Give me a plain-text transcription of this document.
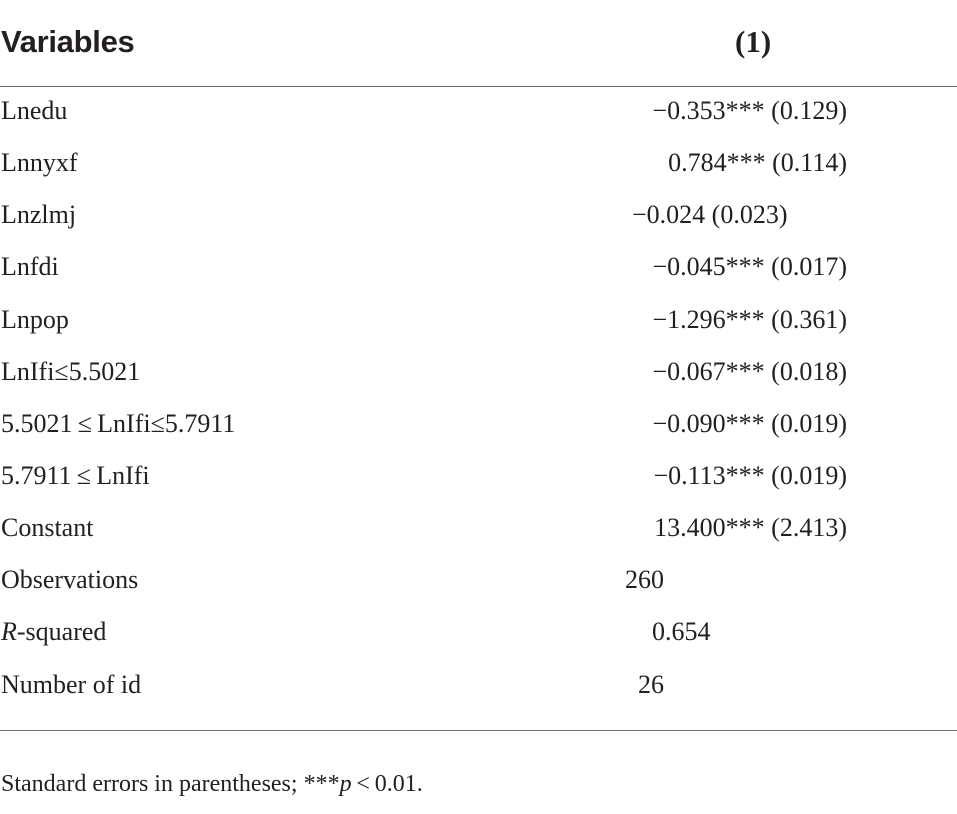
Variables	(1)
Lnedu	−0.353*** (0.129)
Lnnyxf	0.784*** (0.114)
Lnzlmj	−0.024 (0.023)
Lnfdi	−0.045*** (0.017)
Lnpop	−1.296*** (0.361)
LnIfi≤5.5021	−0.067*** (0.018)
5.5021 ≤ LnIfi≤5.7911	−0.090*** (0.019)
5.7911 ≤ LnIfi	−0.113*** (0.019)
Constant	13.400*** (2.413)
Observations	260
R-squared	0.654
Number of id	26
Standard errors in parentheses; ***p < 0.01.
